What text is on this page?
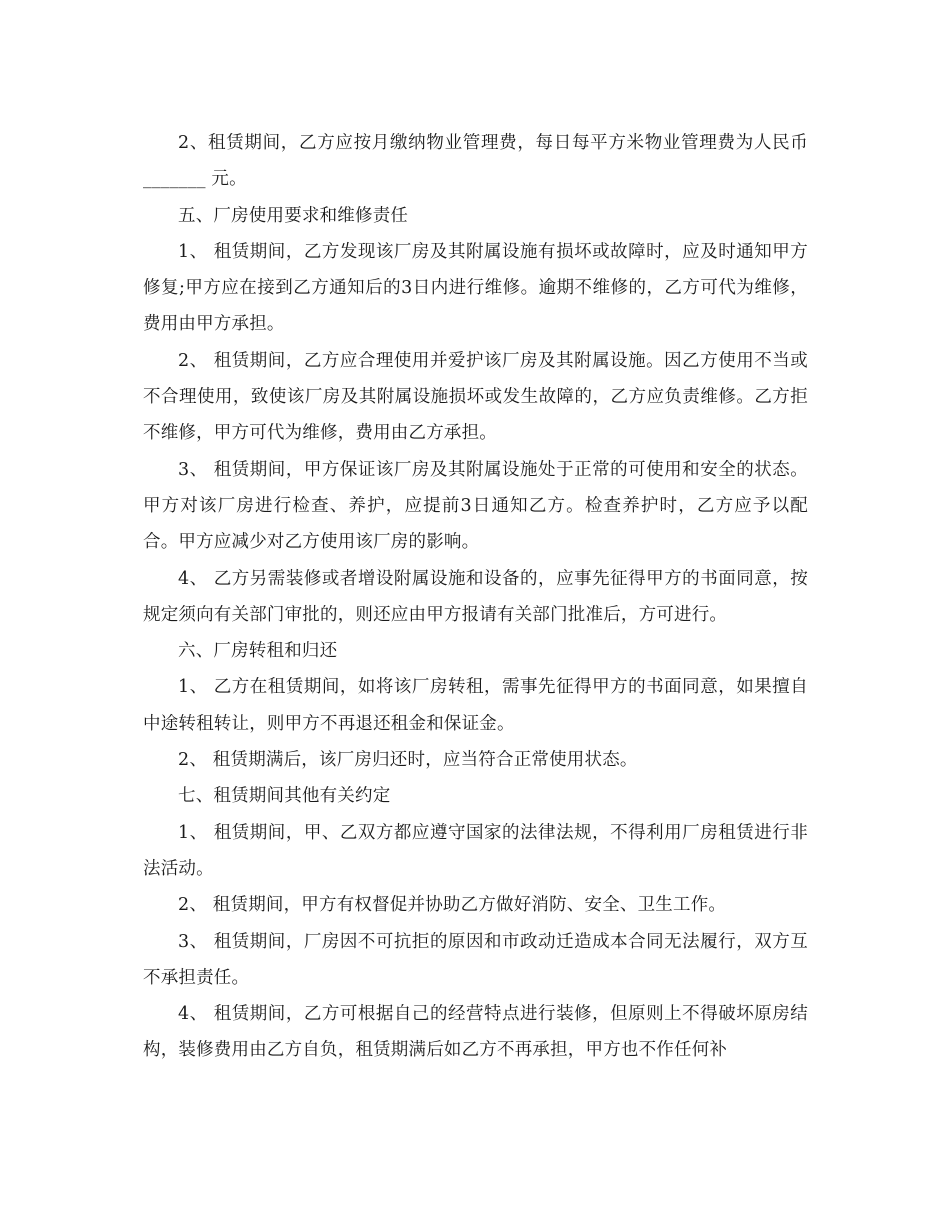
2、租赁期间，乙方应按月缴纳物业管理费，每日每平方米物业管理费为人民币 _______ 元。

五、厂房使用要求和维修责任

1、 租赁期间，乙方发现该厂房及其附属设施有损坏或故障时，应及时通知甲方修复;甲方应在接到乙方通知后的3日内进行维修。逾期不维修的，乙方可代为维修，费用由甲方承担。

2、 租赁期间，乙方应合理使用并爱护该厂房及其附属设施。因乙方使用不当或不合理使用，致使该厂房及其附属设施损坏或发生故障的，乙方应负责维修。乙方拒不维修，甲方可代为维修，费用由乙方承担。

3、 租赁期间，甲方保证该厂房及其附属设施处于正常的可使用和安全的状态。甲方对该厂房进行检查、养护，应提前3日通知乙方。检查养护时，乙方应予以配合。甲方应减少对乙方使用该厂房的影响。

4、 乙方另需装修或者增设附属设施和设备的，应事先征得甲方的书面同意，按规定须向有关部门审批的，则还应由甲方报请有关部门批准后，方可进行。

六、厂房转租和归还

1、 乙方在租赁期间，如将该厂房转租，需事先征得甲方的书面同意，如果擅自中途转租转让，则甲方不再退还租金和保证金。

2、 租赁期满后，该厂房归还时，应当符合正常使用状态。

七、租赁期间其他有关约定

1、 租赁期间，甲、乙双方都应遵守国家的法律法规，不得利用厂房租赁进行非法活动。

2、 租赁期间，甲方有权督促并协助乙方做好消防、安全、卫生工作。

3、 租赁期间，厂房因不可抗拒的原因和市政动迁造成本合同无法履行，双方互不承担责任。

4、 租赁期间，乙方可根据自己的经营特点进行装修，但原则上不得破坏原房结构，装修费用由乙方自负，租赁期满后如乙方不再承担，甲方也不作任何补
